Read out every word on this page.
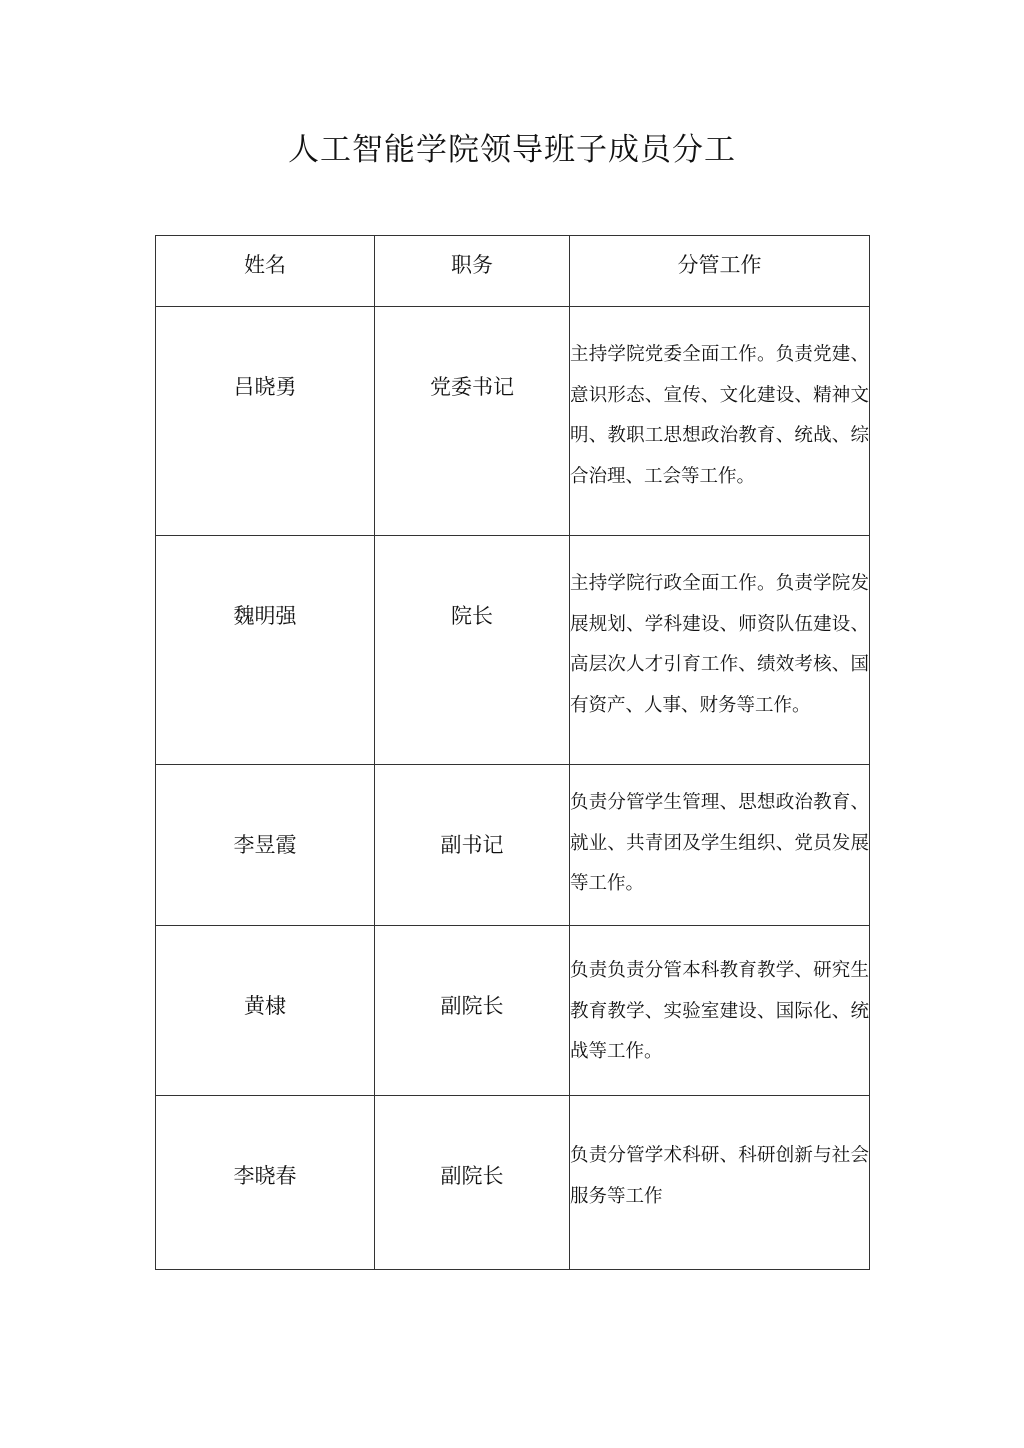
人工智能学院领导班子成员分工
姓名	职务	分管工作
吕晓勇	党委书记	主持学院党委全面工作。负责党建、意识形态、宣传、文化建设、精神文明、教职工思想政治教育、统战、综合治理、工会等工作。

魏明强	院长	主持学院行政全面工作。负责学院发展规划、学科建设、师资队伍建设、高层次人才引育工作、绩效考核、国有资产、人事、财务等工作。

李昱霞	副书记	负责分管学生管理、思想政治教育、就业、共青团及学生组织、党员发展等工作。

黄棣	副院长	负责负责分管本科教育教学、研究生教育教学、实验室建设、国际化、统战等工作。

李晓春	副院长	负责分管学术科研、科研创新与社会服务等工作
